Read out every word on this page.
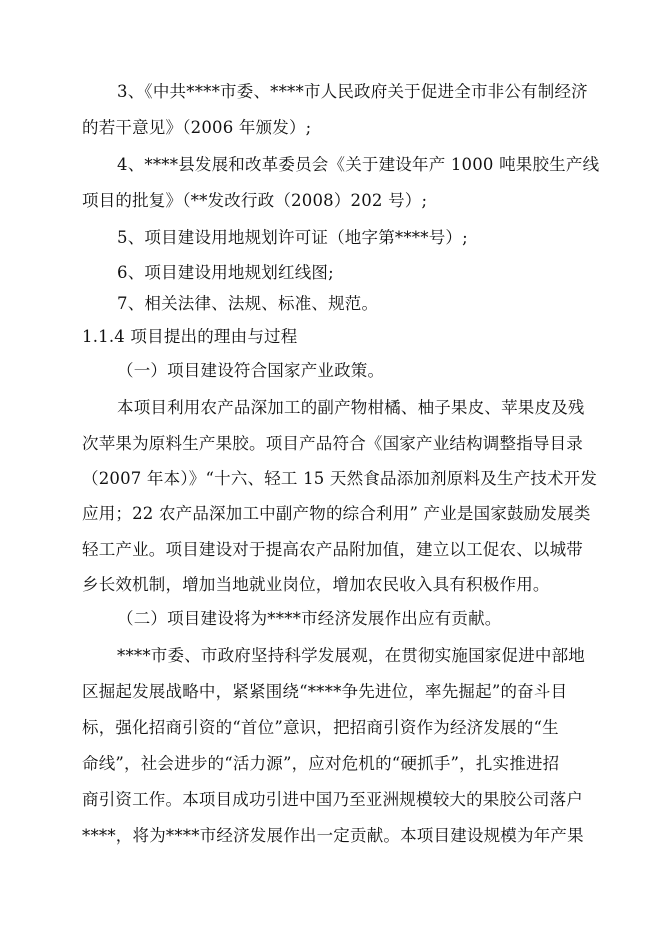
3、《中共****市委、****市人民政府关于促进全市非公有制经济
的若干意见》（2006 年颁发）;
4、****县发展和改革委员会《关于建设年产 1000 吨果胶生产线
项目的批复》（**发改行政（2008）202 号）;
5、项目建设用地规划许可证（地字第****号）;
6、项目建设用地规划红线图;
7、相关法律、法规、标准、规范。
1.1.4 项目提出的理由与过程
（一）项目建设符合国家产业政策。
本项目利用农产品深加工的副产物柑橘、柚子果皮、苹果皮及残
次苹果为原料生产果胶。项目产品符合《国家产业结构调整指导目录
（2007 年本）》“十六、轻工 15 天然食品添加剂原料及生产技术开发
应用；22 农产品深加工中副产物的综合利用” 产业是国家鼓励发展类
轻工产业。项目建设对于提高农产品附加值，建立以工促农、以城带
乡长效机制，增加当地就业岗位，增加农民收入具有积极作用。
（二）项目建设将为****市经济发展作出应有贡献。
****市委、市政府坚持科学发展观，在贯彻实施国家促进中部地
区掘起发展战略中，紧紧围绕“****争先进位，率先掘起”的奋斗目
标，强化招商引资的“首位”意识，把招商引资作为经济发展的“生
命线”，社会进步的“活力源”，应对危机的“硬抓手”，扎实推进招
商引资工作。本项目成功引进中国乃至亚洲规模较大的果胶公司落户
****，将为****市经济发展作出一定贡献。本项目建设规模为年产果
